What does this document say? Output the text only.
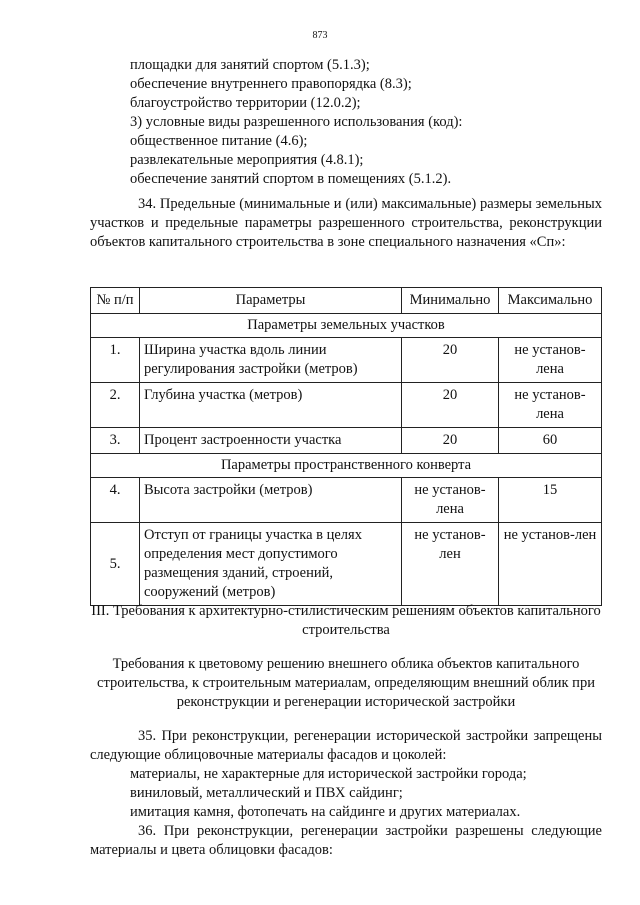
873
площадки для занятий спортом (5.1.3);
обеспечение внутреннего правопорядка (8.3);
благоустройство территории (12.0.2);
3) условные виды разрешенного использования (код):
общественное питание (4.6);
развлекательные мероприятия (4.8.1);
обеспечение занятий спортом в помещениях (5.1.2).
34. Предельные (минимальные и (или) максимальные) размеры земельных участков и предельные параметры разрешенного строительства, реконструкции объектов капитального строительства в зоне специального назначения «Сп»:
№ п/п	Параметры	Минимально	Максимально
Параметры земельных участков			
1.	Ширина участка вдоль линии регулирования застройки (метров)	20	не установ-лена
2.	Глубина участка (метров)	20	не установ-лена
3.	Процент застроенности участка	20	60
Параметры пространственного конверта			
4.	Высота застройки (метров)	не установ-лена	15
5.	Отступ от границы участка в целях определения мест допустимого размещения зданий, строений, сооружений (метров)	не установ-лен	не установ-лен
III. Требования к архитектурно-стилистическим решениям объектов капитального строительства
Требования к цветовому решению внешнего облика объектов капитального строительства, к строительным материалам, определяющим внешний облик при реконструкции и регенерации исторической застройки
35. При реконструкции, регенерации исторической застройки запрещены следующие облицовочные материалы фасадов и цоколей:
материалы, не характерные для исторической застройки города;
виниловый, металлический и ПВХ сайдинг;
имитация камня, фотопечать на сайдинге и других материалах.
36. При реконструкции, регенерации застройки разрешены следующие материалы и цвета облицовки фасадов:
